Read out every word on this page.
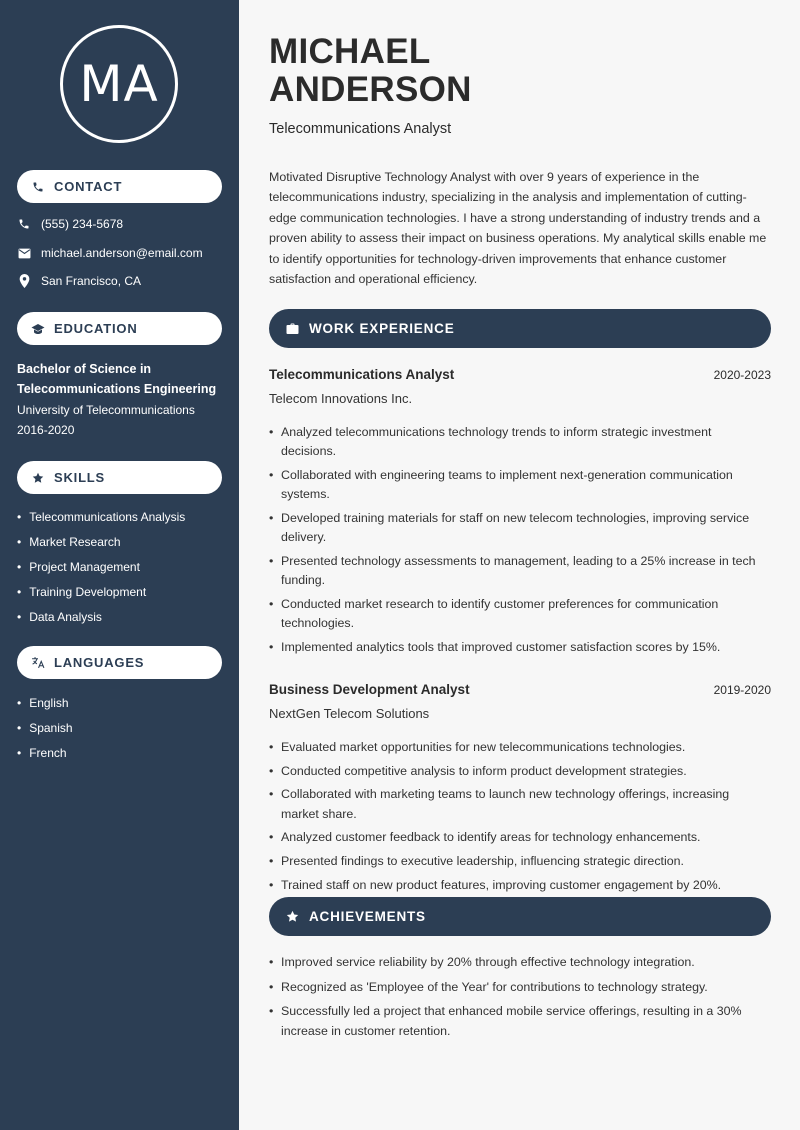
MA
CONTACT
(555) 234-5678
michael.anderson@email.com
San Francisco, CA
EDUCATION
Bachelor of Science in Telecommunications Engineering
University of Telecommunications
2016-2020
SKILLS
• Telecommunications Analysis
• Market Research
• Project Management
• Training Development
• Data Analysis
LANGUAGES
• English
• Spanish
• French
MICHAEL
ANDERSON
Telecommunications Analyst

Motivated Disruptive Technology Analyst with over 9 years of experience in the telecommunications industry, specializing in the analysis and implementation of cutting-edge communication technologies. I have a strong understanding of industry trends and a proven ability to assess their impact on business operations. My analytical skills enable me to identify opportunities for technology-driven improvements that enhance customer satisfaction and operational efficiency.

WORK EXPERIENCE
Telecommunications Analyst	2020-2023
Telecom Innovations Inc.
• Analyzed telecommunications technology trends to inform strategic investment decisions.
• Collaborated with engineering teams to implement next-generation communication systems.
• Developed training materials for staff on new telecom technologies, improving service delivery.
• Presented technology assessments to management, leading to a 25% increase in tech funding.
• Conducted market research to identify customer preferences for communication technologies.
• Implemented analytics tools that improved customer satisfaction scores by 15%.
Business Development Analyst	2019-2020
NextGen Telecom Solutions
• Evaluated market opportunities for new telecommunications technologies.
• Conducted competitive analysis to inform product development strategies.
• Collaborated with marketing teams to launch new technology offerings, increasing market share.
• Analyzed customer feedback to identify areas for technology enhancements.
• Presented findings to executive leadership, influencing strategic direction.
• Trained staff on new product features, improving customer engagement by 20%.
ACHIEVEMENTS
• Improved service reliability by 20% through effective technology integration.
• Recognized as 'Employee of the Year' for contributions to technology strategy.
• Successfully led a project that enhanced mobile service offerings, resulting in a 30% increase in customer retention.
